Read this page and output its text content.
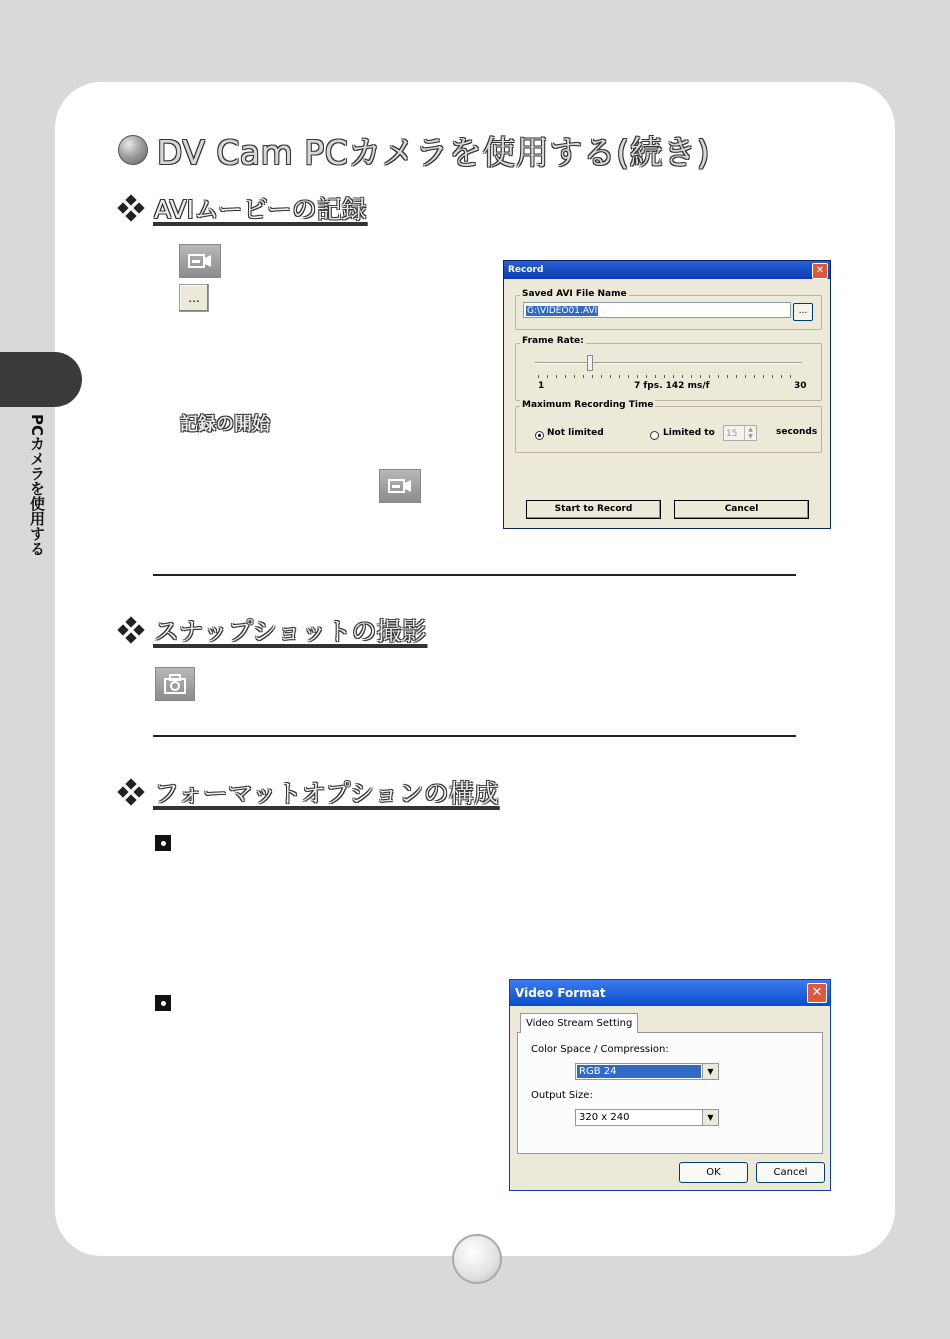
PCカメラを使用する
DV Cam PCカメラを使用する(続き)
AVIムービーの記録
...
記録の開始
Record	✕
Saved AVI File Name
G:\VIDEO01.AVI	...
Frame Rate:
1	7 fps. 142 ms/f	30
Maximum Recording Time
Not limited	Limited to	15	▲
▼	seconds
Start to Record	Cancel
スナップショットの撮影
フォーマットオプションの構成
Video Format	✕
Video Stream Setting
Color Space / Compression:
RGB 24	▼
Output Size:
320 x 240	▼
OK	Cancel
